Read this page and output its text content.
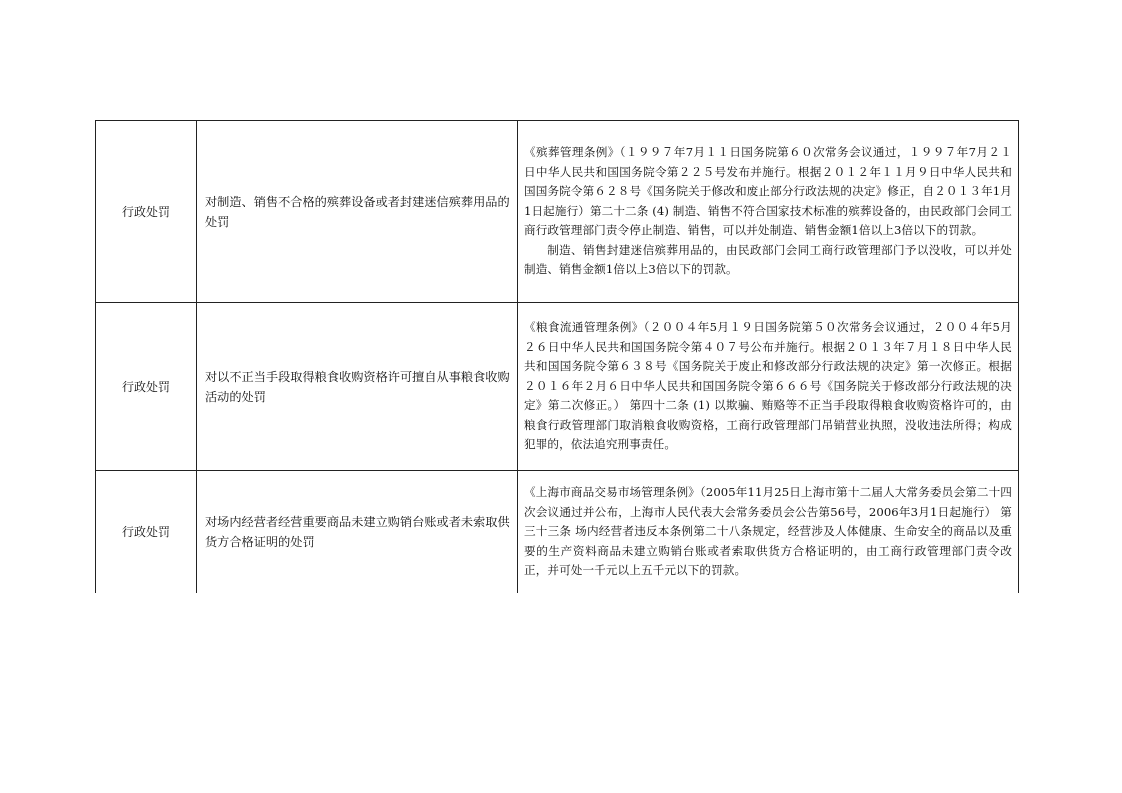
行政处罚	对制造、销售不合格的殡葬设备或者封建迷信殡葬用品的处罚	《殡葬管理条例》（１９９７年7月１１日国务院第６０次常务会议通过，１９９７年7月２１日中华人民共和国国务院令第２２５号发布并施行。根据２０１２年１１月９日中华人民共和国国务院令第６２８号《国务院关于修改和废止部分行政法规的决定》修正，自２０１３年1月1日起施行）第二十二条 (4) 制造、销售不符合国家技术标准的殡葬设备的，由民政部门会同工商行政管理部门责令停止制造、销售，可以并处制造、销售金额1倍以上3倍以下的罚款。

制造、销售封建迷信殡葬用品的，由民政部门会同工商行政管理部门予以没收，可以并处制造、销售金额1倍以上3倍以下的罚款。

行政处罚	对以不正当手段取得粮食收购资格许可擅自从事粮食收购活动的处罚	《粮食流通管理条例》（２００４年5月１９日国务院第５０次常务会议通过，２００４年5月２６日中华人民共和国国务院令第４０７号公布并施行。根据２０１３年７月１８日中华人民共和国国务院令第６３８号《国务院关于废止和修改部分行政法规的决定》第一次修正。根据２０１６年２月６日中华人民共和国国务院令第６６６号《国务院关于修改部分行政法规的决定》第二次修正。） 第四十二条 (1) 以欺骗、贿赂等不正当手段取得粮食收购资格许可的，由粮食行政管理部门取消粮食收购资格，工商行政管理部门吊销营业执照，没收违法所得；构成犯罪的，依法追究刑事责任。

行政处罚	对场内经营者经营重要商品未建立购销台账或者未索取供货方合格证明的处罚	《上海市商品交易市场管理条例》（2005年11月25日上海市第十二届人大常务委员会第二十四次会议通过并公布，上海市人民代表大会常务委员会公告第56号，2006年3月1日起施行） 第三十三条 场内经营者违反本条例第二十八条规定，经营涉及人体健康、生命安全的商品以及重要的生产资料商品未建立购销台账或者索取供货方合格证明的，由工商行政管理部门责令改正，并可处一千元以上五千元以下的罚款。
